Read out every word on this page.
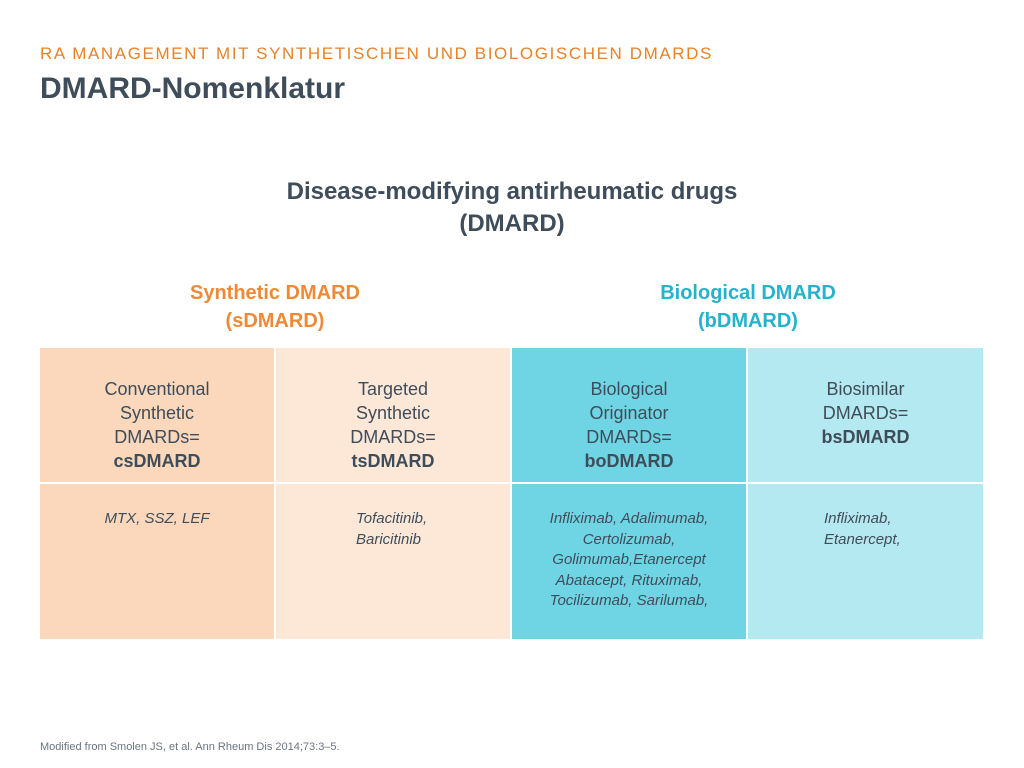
RA MANAGEMENT MIT SYNTHETISCHEN UND BIOLOGISCHEN DMARDS
DMARD-Nomenklatur
Disease-modifying antirheumatic drugs
(DMARD)
Synthetic DMARD
(sDMARD)
Biological DMARD
(bDMARD)
Conventional
Synthetic
DMARDs=
csDMARD
Targeted
Synthetic
DMARDs=
tsDMARD
Biological
Originator
DMARDs=
boDMARD
Biosimilar
DMARDs=
bsDMARD
MTX, SSZ, LEF	Tofacitinib,
Baricitinib
Infliximab, Adalimumab,
Certolizumab,
Golimumab,Etanercept
Abatacept, Rituximab,
Tocilizumab, Sarilumab,
Infliximab,
Etanercept,
Modified from Smolen JS, et al. Ann Rheum Dis 2014;73:3–5.
